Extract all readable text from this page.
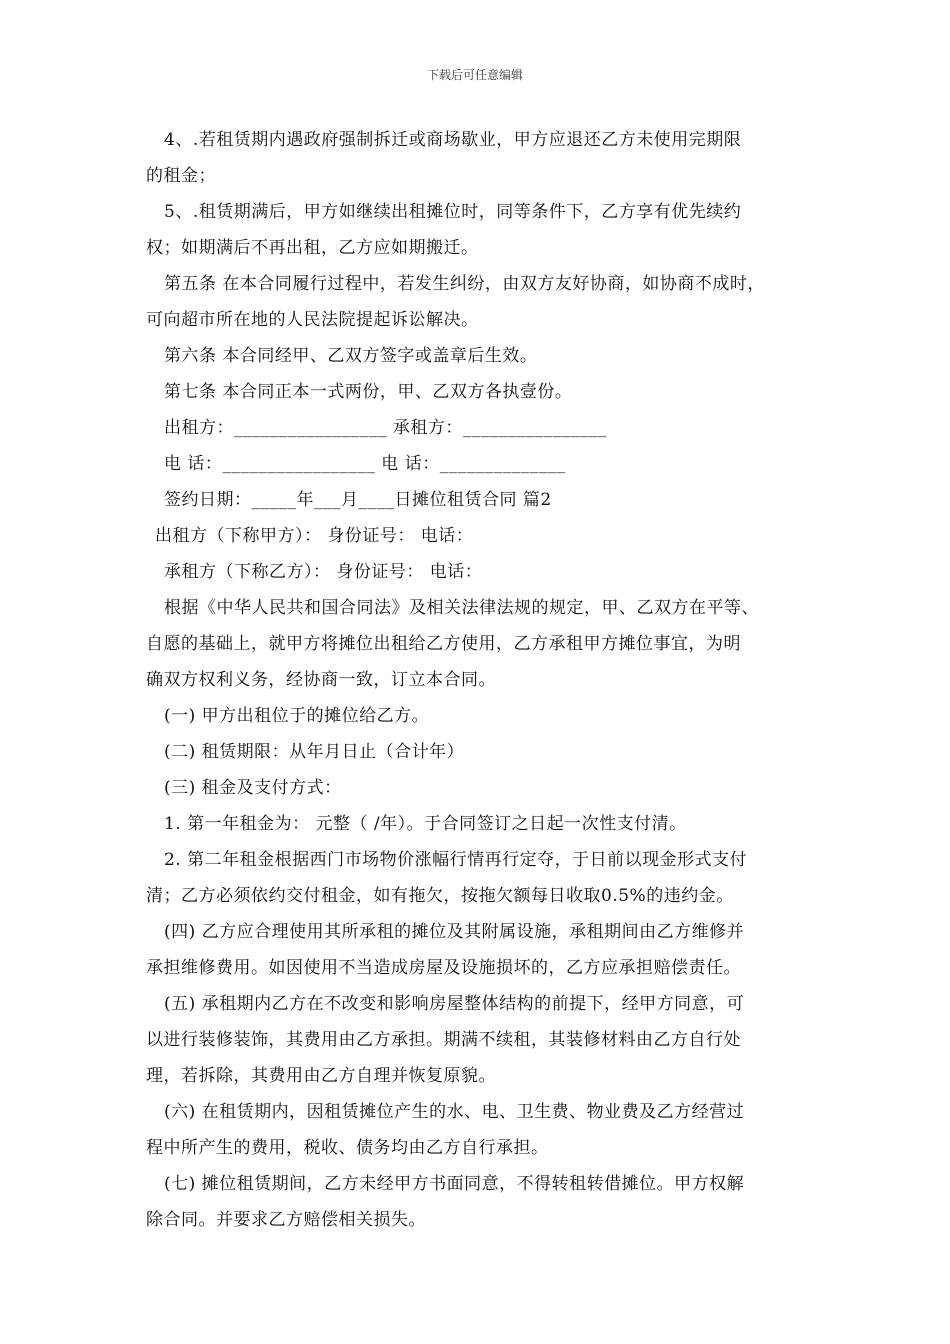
下载后可任意编辑
4、.若租赁期内遇政府强制拆迁或商场歇业，甲方应退还乙方未使用完期限
的租金；
5、.租赁期满后，甲方如继续出租摊位时，同等条件下，乙方享有优先续约
权；如期满后不再出租，乙方应如期搬迁。
第五条 在本合同履行过程中，若发生纠纷，由双方友好协商，如协商不成时，
可向超市所在地的人民法院提起诉讼解决。
第六条 本合同经甲、乙双方签字或盖章后生效。
第七条 本合同正本一式两份，甲、乙双方各执壹份。
出租方：_________________ 承租方：________________
电 话：_________________ 电 话：______________
签约日期：_____年___月____日摊位租赁合同 篇2
出租方（下称甲方）： 身份证号： 电话：
承租方（下称乙方）： 身份证号： 电话：
根据《中华人民共和国合同法》及相关法律法规的规定，甲、乙双方在平等、
自愿的基础上，就甲方将摊位出租给乙方使用，乙方承租甲方摊位事宜，为明
确双方权利义务，经协商一致，订立本合同。
(一) 甲方出租位于的摊位给乙方。
(二) 租赁期限：从年月日止（合计年）
(三) 租金及支付方式：
1. 第一年租金为： 元整（ /年）。于合同签订之日起一次性支付清。
2. 第二年租金根据西门市场物价涨幅行情再行定夺，于日前以现金形式支付
清；乙方必须依约交付租金，如有拖欠，按拖欠额每日收取0.5%的违约金。
(四) 乙方应合理使用其所承租的摊位及其附属设施，承租期间由乙方维修并
承担维修费用。如因使用不当造成房屋及设施损坏的，乙方应承担赔偿责任。
(五) 承租期内乙方在不改变和影响房屋整体结构的前提下，经甲方同意，可
以进行装修装饰，其费用由乙方承担。期满不续租，其装修材料由乙方自行处
理，若拆除，其费用由乙方自理并恢复原貌。
(六) 在租赁期内，因租赁摊位产生的水、电、卫生费、物业费及乙方经营过
程中所产生的费用，税收、债务均由乙方自行承担。
(七) 摊位租赁期间，乙方未经甲方书面同意，不得转租转借摊位。甲方权解
除合同。并要求乙方赔偿相关损失。
